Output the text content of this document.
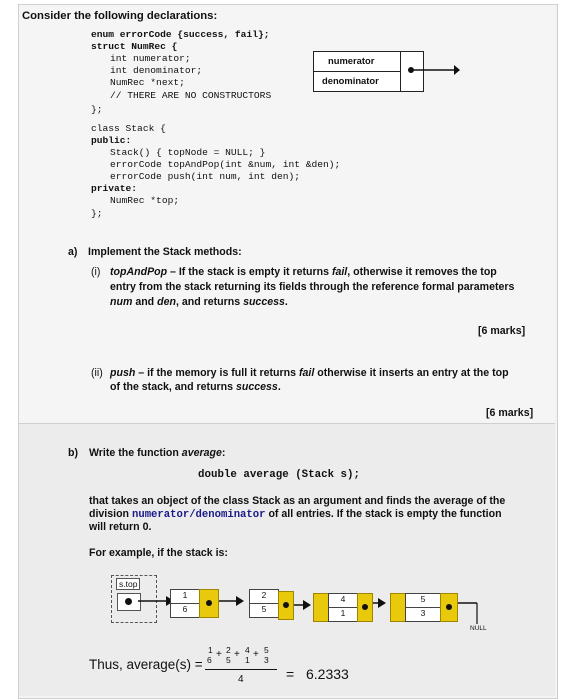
Consider the following declarations:
enum errorCode {success, fail};
struct NumRec {
int numerator;
int denominator;
NumRec *next;
// THERE ARE NO CONSTRUCTORS
};
numerator
denominator
class Stack {
public:
Stack() { topNode = NULL; }
errorCode topAndPop(int &num, int &den);
errorCode push(int num, int den);
private:
NumRec *top;
};
a) Implement the Stack methods:
(i) topAndPop – If the stack is empty it returns fail, otherwise it removes the top
entry from the stack returning its fields through the reference formal parameters
num and den, and returns success.
[6 marks]
(ii) push – if the memory is full it returns fail otherwise it inserts an entry at the top
of the stack, and returns success.
[6 marks]
b) Write the function average:
double average (Stack s);
that takes an object of the class Stack as an argument and finds the average of the
division numerator/denominator of all entries. If the stack is empty the function
will return 0.
For example, if the stack is:
s.top
1
6
2
5
4
1
5
3
NULL
Thus, average(s) =
1
6 + 2
5 + 4
1 + 5
3
4	= 6.2333
